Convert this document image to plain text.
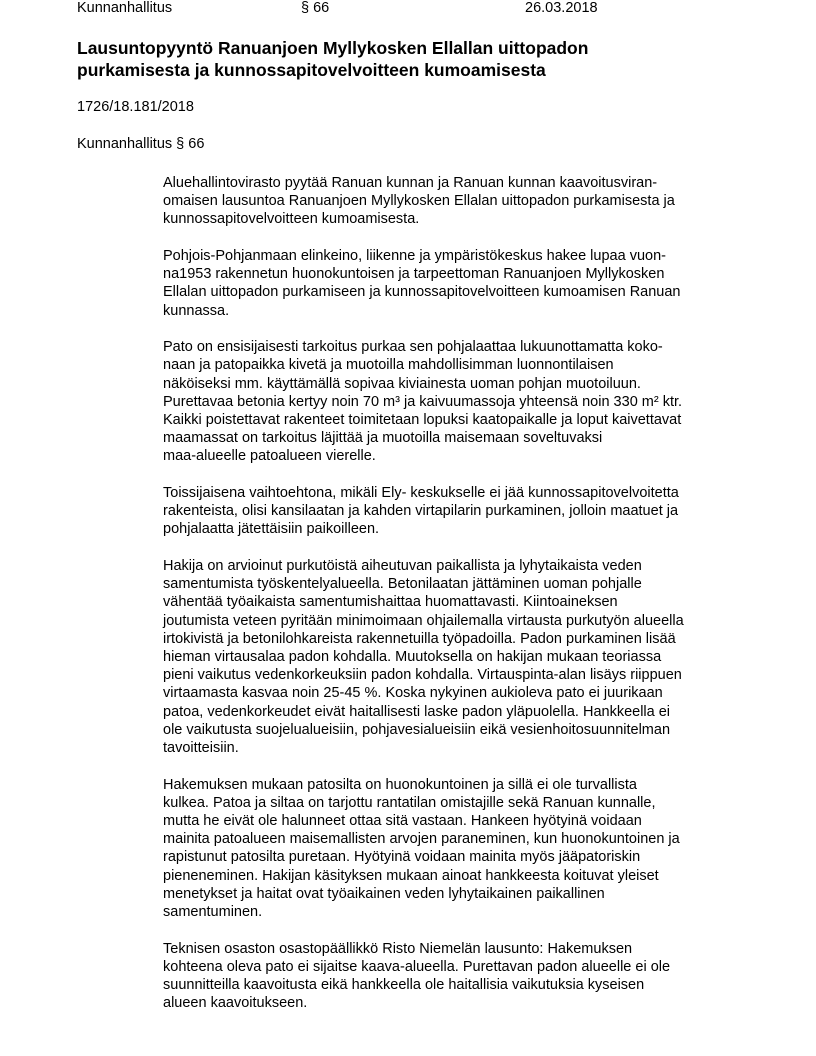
Kunnanhallitus	§ 66	26.03.2018
Lausuntopyyntö Ranuanjoen Myllykosken Ellallan uittopadon
purkamisesta ja kunnossapitovelvoitteen kumoamisesta
1726/18.181/2018
Kunnanhallitus § 66

Aluehallintovirasto pyytää Ranuan kunnan ja Ranuan kunnan kaavoitusviran-
omaisen lausuntoa Ranuanjoen Myllykosken Ellalan uittopadon purkamisesta ja
kunnossapitovelvoitteen kumoamisesta.

Pohjois-Pohjanmaan elinkeino, liikenne ja ympäristökeskus hakee lupaa vuon-
na1953 rakennetun huonokuntoisen ja tarpeettoman Ranuanjoen Myllykosken
Ellalan uittopadon purkamiseen ja kunnossapitovelvoitteen kumoamisen Ranuan
kunnassa.

Pato on ensisijaisesti tarkoitus purkaa sen pohjalaattaa lukuunottamatta koko-
naan ja patopaikka kivetä ja muotoilla mahdollisimman luonnontilaisen
näköiseksi mm. käyttämällä sopivaa kiviainesta uoman pohjan muotoiluun.
Purettavaa betonia kertyy noin 70 m³ ja kaivuumassoja yhteensä noin 330 m² ktr.
Kaikki poistettavat rakenteet toimitetaan lopuksi kaatopaikalle ja loput kaivettavat
maamassat on tarkoitus läjittää ja muotoilla maisemaan soveltuvaksi
maa-alueelle patoalueen vierelle.

Toissijaisena vaihtoehtona, mikäli Ely- keskukselle ei jää kunnossapitovelvoitetta
rakenteista, olisi kansilaatan ja kahden virtapilarin purkaminen, jolloin maatuet ja
pohjalaatta jätettäisiin paikoilleen.

Hakija on arvioinut purkutöistä aiheutuvan paikallista ja lyhytaikaista veden
samentumista työskentelyalueella. Betonilaatan jättäminen uoman pohjalle
vähentää työaikaista samentumishaittaa huomattavasti. Kiintoaineksen
joutumista veteen pyritään minimoimaan ohjailemalla virtausta purkutyön alueella
irtokivistä ja betonilohkareista rakennetuilla työpadoilla. Padon purkaminen lisää
hieman virtausalaa padon kohdalla. Muutoksella on hakijan mukaan teoriassa
pieni vaikutus vedenkorkeuksiin padon kohdalla. Virtauspinta-alan lisäys riippuen
virtaamasta kasvaa noin 25-45 %. Koska nykyinen aukioleva pato ei juurikaan
patoa, vedenkorkeudet eivät haitallisesti laske padon yläpuolella. Hankkeella ei
ole vaikutusta suojelualueisiin, pohjavesialueisiin eikä vesienhoitosuunnitelman
tavoitteisiin.

Hakemuksen mukaan patosilta on huonokuntoinen ja sillä ei ole turvallista
kulkea. Patoa ja siltaa on tarjottu rantatilan omistajille sekä Ranuan kunnalle,
mutta he eivät ole halunneet ottaa sitä vastaan. Hankeen hyötyinä voidaan
mainita patoalueen maisemallisten arvojen paraneminen, kun huonokuntoinen ja
rapistunut patosilta puretaan. Hyötyinä voidaan mainita myös jääpatoriskin
pieneneminen. Hakijan käsityksen mukaan ainoat hankkeesta koituvat yleiset
menetykset ja haitat ovat työaikainen veden lyhytaikainen paikallinen
samentuminen.

Teknisen osaston osastopäällikkö Risto Niemelän lausunto: Hakemuksen
kohteena oleva pato ei sijaitse kaava-alueella. Purettavan padon alueelle ei ole
suunnitteilla kaavoitusta eikä hankkeella ole haitallisia vaikutuksia kyseisen
alueen kaavoitukseen.
